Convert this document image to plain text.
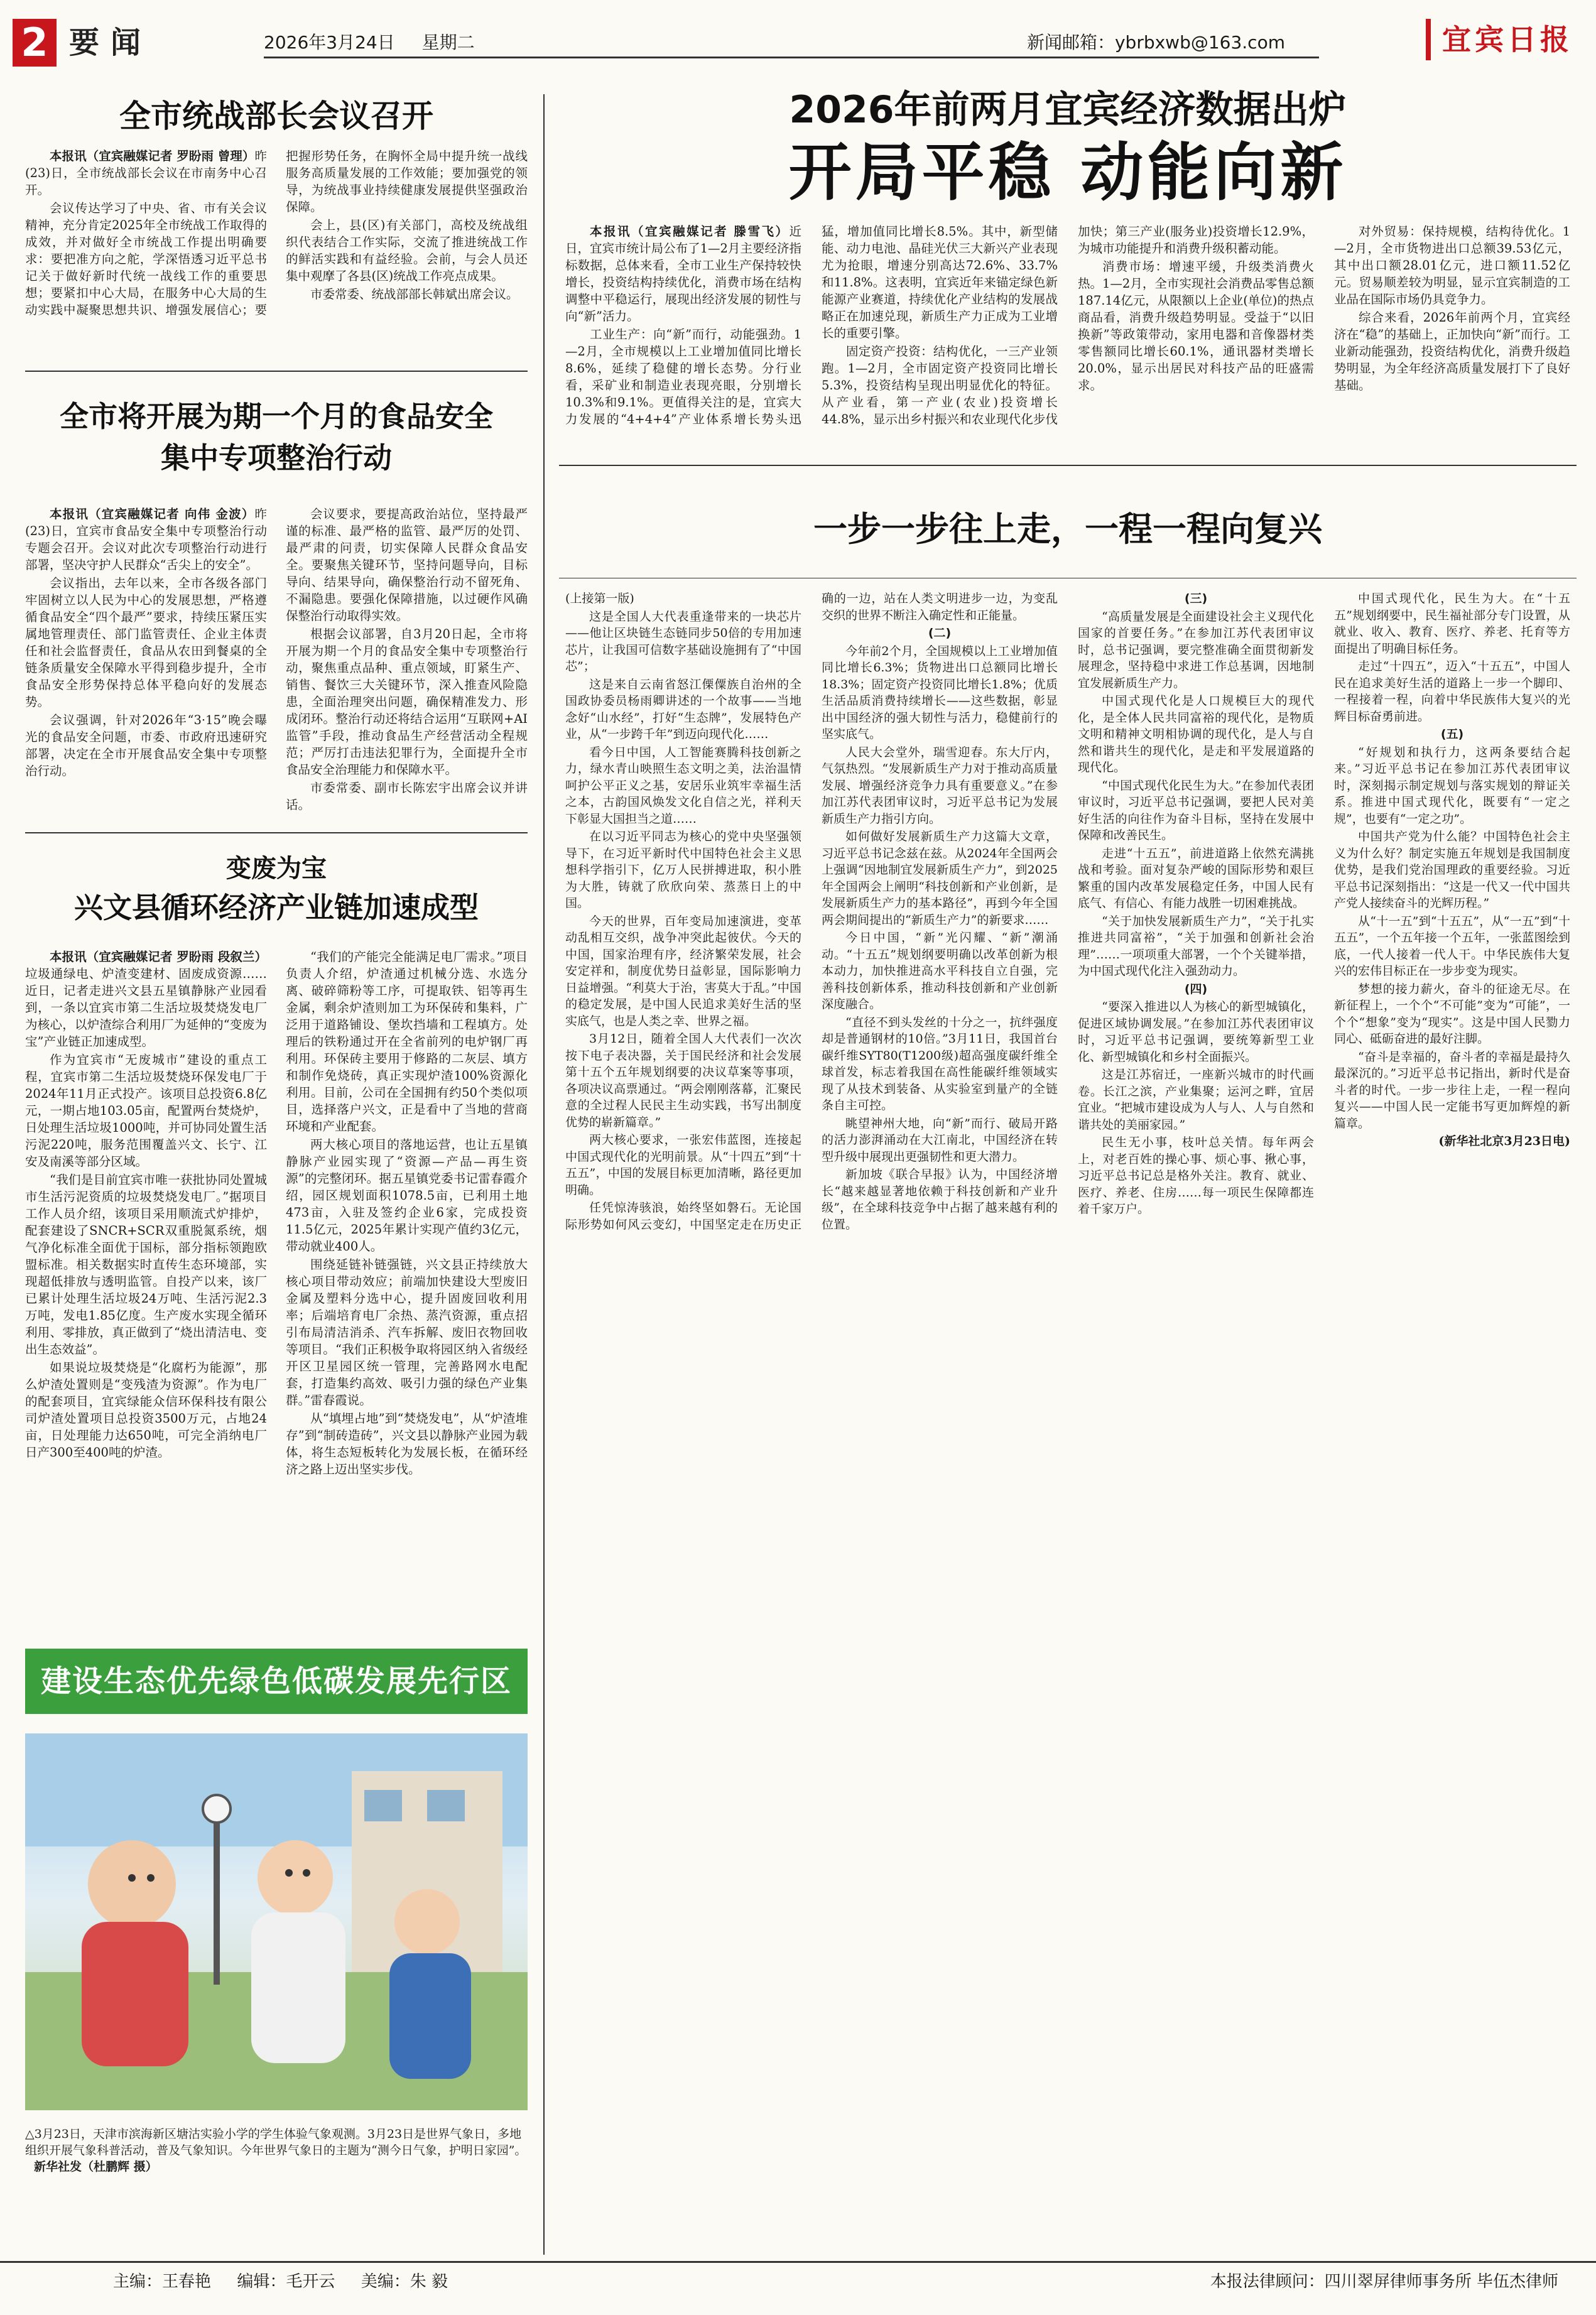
2 要闻	2026年3月24日 星期二	新闻邮箱：ybrbxwb@163.com	宜宾日报
全市统战部长会议召开

本报讯（宜宾融媒记者 罗盼雨 曾理）昨(23)日，全市统战部长会议在市南务中心召开。

会议传达学习了中央、省、市有关会议精神，充分肯定2025年全市统战工作取得的成效，并对做好全市统战工作提出明确要求：要把准方向之舵，学深悟透习近平总书记关于做好新时代统一战线工作的重要思想；要紧扣中心大局，在服务中心大局的生动实践中凝聚思想共识、增强发展信心；要把握形势任务，在胸怀全局中提升统一战线服务高质量发展的工作效能；要加强党的领导，为统战事业持续健康发展提供坚强政治保障。

会上，县(区)有关部门，高校及统战组织代表结合工作实际，交流了推进统战工作的鲜活实践和有益经验。会前，与会人员还集中观摩了各县(区)统战工作亮点成果。

市委常委、统战部部长韩斌出席会议。

全市将开展为期一个月的食品安全
集中专项整治行动

本报讯（宜宾融媒记者 向伟 金波）昨(23)日，宜宾市食品安全集中专项整治行动专题会召开。会议对此次专项整治行动进行部署，坚决守护人民群众“舌尖上的安全”。

会议指出，去年以来，全市各级各部门牢固树立以人民为中心的发展思想，严格遵循食品安全“四个最严”要求，持续压紧压实属地管理责任、部门监管责任、企业主体责任和社会监督责任，食品从农田到餐桌的全链条质量安全保障水平得到稳步提升，全市食品安全形势保持总体平稳向好的发展态势。

会议强调，针对2026年“3·15”晚会曝光的食品安全问题，市委、市政府迅速研究部署，决定在全市开展食品安全集中专项整治行动。

会议要求，要提高政治站位，坚持最严谨的标准、最严格的监管、最严厉的处罚、最严肃的问责，切实保障人民群众食品安全。要聚焦关键环节，坚持问题导向，目标导向、结果导向，确保整治行动不留死角、不漏隐患。要强化保障措施，以过硬作风确保整治行动取得实效。

根据会议部署，自3月20日起，全市将开展为期一个月的食品安全集中专项整治行动，聚焦重点品种、重点领域，盯紧生产、销售、餐饮三大关键环节，深入推查风险隐患，全面治理突出问题，确保精准发力、形成闭环。整治行动还将结合运用“互联网+AI监管”手段，推动食品生产经营活动全程规范；严厉打击违法犯罪行为，全面提升全市食品安全治理能力和保障水平。

市委常委、副市长陈宏宇出席会议并讲话。

变废为宝
兴文县循环经济产业链加速成型

本报讯（宜宾融媒记者 罗盼雨 段叙兰）垃圾通绿电、炉渣变建材、固废成资源……近日，记者走进兴文县五星镇静脉产业园看到，一条以宜宾市第二生活垃圾焚烧发电厂为核心，以炉渣综合利用厂为延伸的“变废为宝”产业链正加速成型。

作为宜宾市“无废城市”建设的重点工程，宜宾市第二生活垃圾焚烧环保发电厂于2024年11月正式投产。该项目总投资6.8亿元，一期占地103.05亩，配置两台焚烧炉，日处理生活垃圾1000吨，并可协同处置生活污泥220吨，服务范围覆盖兴文、长宁、江安及南溪等部分区域。

“我们是目前宜宾市唯一获批协同处置城市生活污泥资质的垃圾焚烧发电厂。”据项目工作人员介绍，该项目采用顺流式炉排炉，配套建设了SNCR+SCR双重脱氮系统，烟气净化标准全面优于国标，部分指标领跑欧盟标准。相关数据实时直传生态环境部，实现超低排放与透明监管。自投产以来，该厂已累计处理生活垃圾24万吨、生活污泥2.3万吨，发电1.85亿度。生产废水实现全循环利用、零排放，真正做到了“烧出清洁电、变出生态效益”。

如果说垃圾焚烧是“化腐朽为能源”，那么炉渣处置则是“变残渣为资源”。作为电厂的配套项目，宜宾绿能众信环保科技有限公司炉渣处置项目总投资3500万元，占地24亩，日处理能力达650吨，可完全消纳电厂日产300至400吨的炉渣。

“我们的产能完全能满足电厂需求。”项目负责人介绍，炉渣通过机械分选、水选分离、破碎筛粉等工序，可提取铁、铝等再生金属，剩余炉渣则加工为环保砖和集料，广泛用于道路铺设、堡坎挡墙和工程填方。处理后的铁粉通过开在全省前列的电炉钢厂再利用。环保砖主要用于修路的二灰层、填方和制作免烧砖，真正实现炉渣100%资源化利用。目前，公司在全国拥有约50个类似项目，选择落户兴文，正是看中了当地的营商环境和产业配套。

两大核心项目的落地运营，也让五星镇静脉产业园实现了“资源—产品—再生资源”的完整闭环。据五星镇党委书记雷春霞介绍，园区规划面积1078.5亩，已利用土地473亩，入驻及签约企业6家，完成投资11.5亿元，2025年累计实现产值约3亿元，带动就业400人。

围绕延链补链强链，兴文县正持续放大核心项目带动效应；前端加快建设大型废旧金属及塑料分选中心，提升固废回收利用率；后端培育电厂余热、蒸汽资源，重点招引布局清洁消杀、汽车拆解、废旧衣物回收等项目。“我们正积极争取将园区纳入省级经开区卫星园区统一管理，完善路网水电配套，打造集约高效、吸引力强的绿色产业集群。”雷春霞说。

从“填埋占地”到“焚烧发电”，从“炉渣堆存”到“制砖造砖”，兴文县以静脉产业园为载体，将生态短板转化为发展长板，在循环经济之路上迈出坚实步伐。

建设生态优先绿色低碳发展先行区
△3月23日，天津市滨海新区塘沽实验小学的学生体验气象观测。3月23日是世界气象日，多地组织开展气象科普活动，普及气象知识。今年世界气象日的主题为“测今日气象，护明日家园”。 新华社发（杜鹏辉 摄）
2026年前两月宜宾经济数据出炉
开局平稳 动能向新

本报讯（宜宾融媒记者 滕雪飞）近日，宜宾市统计局公布了1—2月主要经济指标数据，总体来看，全市工业生产保持较快增长，投资结构持续优化，消费市场在结构调整中平稳运行，展现出经济发展的韧性与向“新”活力。

工业生产：向“新”而行，动能强劲。1—2月，全市规模以上工业增加值同比增长8.6%，延续了稳健的增长态势。分行业看，采矿业和制造业表现亮眼，分别增长10.3%和9.1%。更值得关注的是，宜宾大力发展的“4+4+4”产业体系增长势头迅猛，增加值同比增长8.5%。其中，新型储能、动力电池、晶硅光伏三大新兴产业表现尤为抢眼，增速分别高达72.6%、33.7%和11.8%。这表明，宜宾近年来锚定绿色新能源产业赛道，持续优化产业结构的发展战略正在加速兑现，新质生产力正成为工业增长的重要引擎。

固定资产投资：结构优化，一三产业领跑。1—2月，全市固定资产投资同比增长5.3%，投资结构呈现出明显优化的特征。从产业看，第一产业(农业)投资增长44.8%，显示出乡村振兴和农业现代化步伐加快；第三产业(服务业)投资增长12.9%，为城市功能提升和消费升级积蓄动能。

消费市场：增速平缓，升级类消费火热。1—2月，全市实现社会消费品零售总额187.14亿元，从限额以上企业(单位)的热点商品看，消费升级趋势明显。受益于“以旧换新”等政策带动，家用电器和音像器材类零售额同比增长60.1%，通讯器材类增长20.0%，显示出居民对科技产品的旺盛需求。

对外贸易：保持规模，结构待优化。1—2月，全市货物进出口总额39.53亿元，其中出口额28.01亿元，进口额11.52亿元。贸易顺差较为明显，显示宜宾制造的工业品在国际市场仍具竞争力。

综合来看，2026年前两个月，宜宾经济在“稳”的基础上，正加快向“新”而行。工业新动能强劲，投资结构优化，消费升级趋势明显，为全年经济高质量发展打下了良好基础。

一步一步往上走，一程一程向复兴

(上接第一版)

这是全国人大代表重逢带来的一块芯片——他让区块链生态链同步50倍的专用加速芯片，让我国可信数字基础设施拥有了“中国芯”；

这是来自云南省怒江傈僳族自治州的全国政协委员杨雨卿讲述的一个故事——当地念好“山水经”，打好“生态牌”，发展特色产业，从“一步跨千年”到迈向现代化……

看今日中国，人工智能赛腾科技创新之力，绿水青山映照生态文明之美，法治温情呵护公平正义之基，安居乐业筑牢幸福生活之本，古韵国风焕发文化自信之光，祥利天下彰显大国担当之道……

在以习近平同志为核心的党中央坚强领导下，在习近平新时代中国特色社会主义思想科学指引下，亿万人民拼搏进取，积小胜为大胜，铸就了欣欣向荣、蒸蒸日上的中国。

今天的世界，百年变局加速演进，变革动乱相互交织，战争冲突此起彼伏。今天的中国，国家治理有序，经济繁荣发展，社会安定祥和，制度优势日益彰显，国际影响力日益增强。“利莫大于治，害莫大于乱。”中国的稳定发展，是中国人民追求美好生活的坚实底气，也是人类之幸、世界之福。

3月12日，随着全国人大代表们一次次按下电子表决器，关于国民经济和社会发展第十五个五年规划纲要的决议草案等事项，各项决议高票通过。“两会刚刚落幕，汇聚民意的全过程人民民主生动实践，书写出制度优势的崭新篇章。”

两大核心要求，一张宏伟蓝图，连接起中国式现代化的光明前景。从“十四五”到“十五五”，中国的发展目标更加清晰，路径更加明确。

任凭惊涛骇浪，始终坚如磐石。无论国际形势如何风云变幻，中国坚定走在历史正确的一边，站在人类文明进步一边，为变乱交织的世界不断注入确定性和正能量。

(二)

今年前2个月，全国规模以上工业增加值同比增长6.3%；货物进出口总额同比增长18.3%；固定资产投资同比增长1.8%；优质生活品质消费持续增长——这些数据，彰显出中国经济的强大韧性与活力，稳健前行的坚实底气。

人民大会堂外，瑞雪迎春。东大厅内，气氛热烈。“发展新质生产力对于推动高质量发展、增强经济竞争力具有重要意义。”在参加江苏代表团审议时，习近平总书记为发展新质生产力指引方向。

如何做好发展新质生产力这篇大文章，习近平总书记念兹在兹。从2024年全国两会上强调“因地制宜发展新质生产力”，到2025年全国两会上阐明“科技创新和产业创新，是发展新质生产力的基本路径”，再到今年全国两会期间提出的“新质生产力”的新要求……

今日中国，“新”光闪耀、“新”潮涌动。“十五五”规划纲要明确以改革创新为根本动力，加快推进高水平科技自立自强，完善科技创新体系，推动科技创新和产业创新深度融合。

“直径不到头发丝的十分之一，抗绊强度却是普通钢材的10倍。”3月11日，我国首台碳纤维SYT80(T1200级)超高强度碳纤维全球首发，标志着我国在高性能碳纤维领域实现了从技术到装备、从实验室到量产的全链条自主可控。

眺望神州大地，向“新”而行、破局开路的活力澎湃涌动在大江南北，中国经济在转型升级中展现出更强韧性和更大潜力。

新加坡《联合早报》认为，中国经济增长“越来越显著地依赖于科技创新和产业升级”，在全球科技竞争中占据了越来越有利的位置。

(三)

“高质量发展是全面建设社会主义现代化国家的首要任务。”在参加江苏代表团审议时，总书记强调，要完整准确全面贯彻新发展理念，坚持稳中求进工作总基调，因地制宜发展新质生产力。

中国式现代化是人口规模巨大的现代化，是全体人民共同富裕的现代化，是物质文明和精神文明相协调的现代化，是人与自然和谐共生的现代化，是走和平发展道路的现代化。

“中国式现代化民生为大。”在参加代表团审议时，习近平总书记强调，要把人民对美好生活的向往作为奋斗目标，坚持在发展中保障和改善民生。

走进“十五五”，前进道路上依然充满挑战和考验。面对复杂严峻的国际形势和艰巨繁重的国内改革发展稳定任务，中国人民有底气、有信心、有能力战胜一切困难挑战。

“关于加快发展新质生产力”，“关于扎实推进共同富裕”，“关于加强和创新社会治理”……一项项重大部署，一个个关键举措，为中国式现代化注入强劲动力。

(四)

“要深入推进以人为核心的新型城镇化，促进区域协调发展。”在参加江苏代表团审议时，习近平总书记强调，要统筹新型工业化、新型城镇化和乡村全面振兴。

这是江苏宿迁，一座新兴城市的时代画卷。长江之滨，产业集聚；运河之畔，宜居宜业。“把城市建设成为人与人、人与自然和谐共处的美丽家园。”

民生无小事，枝叶总关情。每年两会上，对老百姓的操心事、烦心事、揪心事，习近平总书记总是格外关注。教育、就业、医疗、养老、住房……每一项民生保障都连着千家万户。

中国式现代化，民生为大。在“十五五”规划纲要中，民生福祉部分专门设置，从就业、收入、教育、医疗、养老、托育等方面提出了明确目标任务。

走过“十四五”，迈入“十五五”，中国人民在追求美好生活的道路上一步一个脚印、一程接着一程，向着中华民族伟大复兴的光辉目标奋勇前进。

(五)

“好规划和执行力，这两条要结合起来。”习近平总书记在参加江苏代表团审议时，深刻揭示制定规划与落实规划的辩证关系。推进中国式现代化，既要有“一定之规”，也要有“一定之功”。

中国共产党为什么能？中国特色社会主义为什么好？制定实施五年规划是我国制度优势，是我们党治国理政的重要经验。习近平总书记深刻指出：“这是一代又一代中国共产党人接续奋斗的光辉历程。”

从“十一五”到“十五五”，从“一五”到“十五五”，一个五年接一个五年，一张蓝图绘到底，一代人接着一代人干。中华民族伟大复兴的宏伟目标正在一步步变为现实。

梦想的接力薪火，奋斗的征途无尽。在新征程上，一个个“不可能”变为“可能”，一个个“想象”变为“现实”。这是中国人民勠力同心、砥砺奋进的最好注脚。

“奋斗是幸福的，奋斗者的幸福是最持久最深沉的。”习近平总书记指出，新时代是奋斗者的时代。一步一步往上走，一程一程向复兴——中国人民一定能书写更加辉煌的新篇章。

(新华社北京3月23日电)

主编：王春艳 编辑：毛开云 美编：朱 毅	本报法律顾问：四川翠屏律师事务所 毕伍杰律师
